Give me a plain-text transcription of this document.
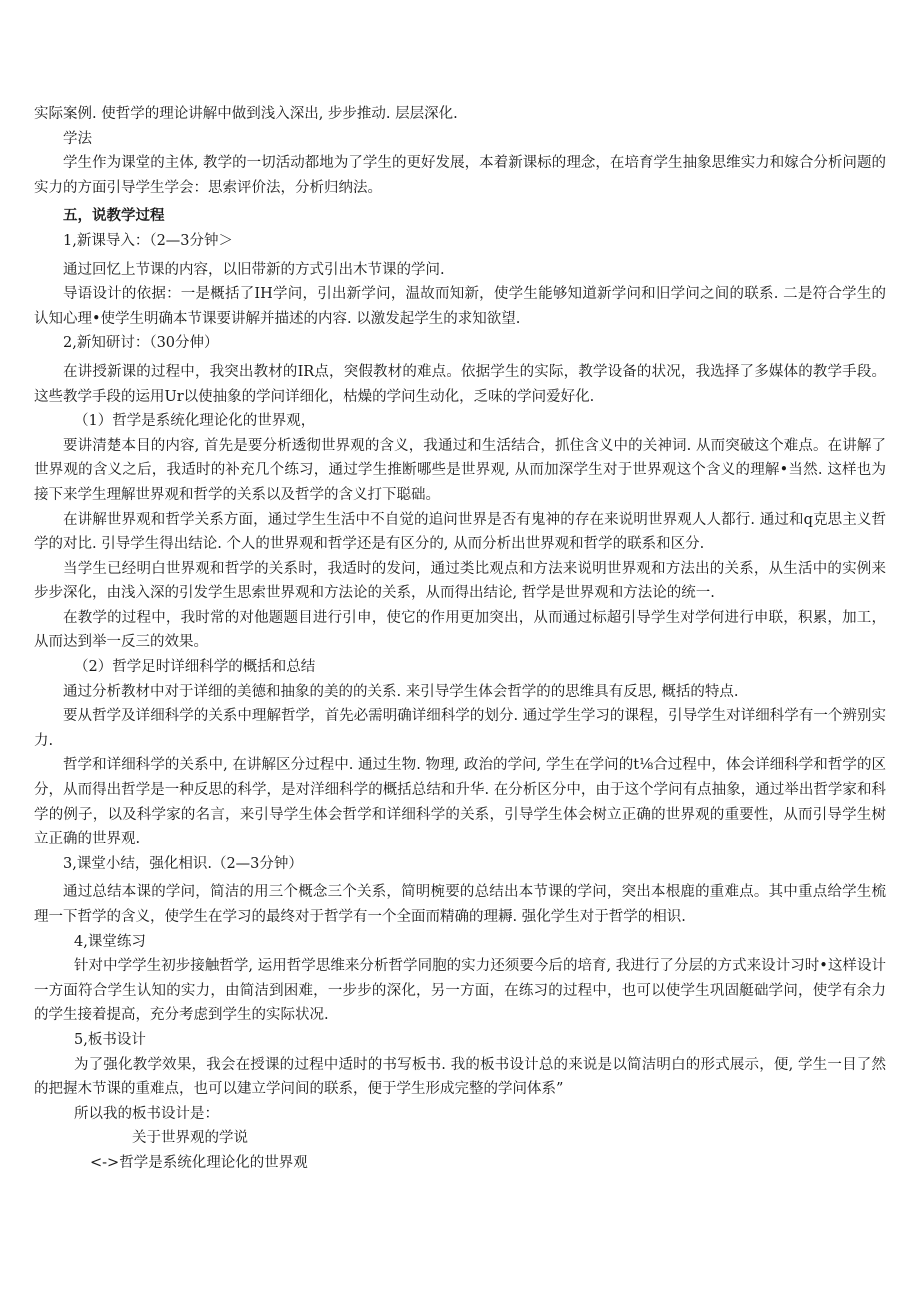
实际案例. 使哲学的理论讲解中做到浅入深出, 步步推动. 层层深化.

学法

学生作为课堂的主体, 教学的一切活动都地为了学生的更好发展，本着新课标的理念，在培育学生抽象思维实力和嫁合分析问题的实力的方面引导学生学会：思索评价法，分析归纳法。

五，说教学过程

1,新课导入：（2—3分钟＞

通过回忆上节课的内容，以旧带新的方式引出木节课的学问.

导语设计的依据：一是概括了IH学问，引出新学问，温故而知新，使学生能够知道新学问和旧学问之间的联系. 二是符合学生的认知心理•使学生明确本节课要讲解并描述的内容. 以激发起学生的求知欲望.

2,新知研讨：（30分伸）

在讲授新课的过程中，我突出教材的IR点，突假教材的难点。依据学生的实际，教学设备的状况，我选择了多媒体的教学手段。这些教学手段的运用Ur以使抽象的学问详细化，枯燥的学问生动化，乏味的学问爱好化.

（1）哲学是系统化理论化的世界观，

要讲清楚本目的内容, 首先是要分析透彻世界观的含义，我通过和生活结合，抓住含义中的关神词. 从而突破这个难点。在讲解了世界观的含义之后，我适时的补充几个练习，通过学生推断哪些是世界观, 从而加深学生对于世界观这个含义的理解•当然. 这样也为接下来学生理解世界观和哲学的关系以及哲学的含义打下聪础。

在讲解世界观和哲学关系方面，通过学生生活中不自觉的追问世界是否有鬼神的存在来说明世界观人人都行. 通过和q克思主义哲学的对比. 引导学生得出结论. 个人的世界观和哲学还是有区分的, 从而分析出世界观和哲学的联系和区分.

当学生已经明白世界观和哲学的关系时，我适时的发问，通过类比观点和方法来说明世界观和方法出的关系，从生活中的实例来步步深化，由浅入深的引发学生思索世界观和方法论的关系，从而得出结论, 哲学是世界观和方法论的统一.

在教学的过程中，我时常的对他题题目进行引申，使它的作用更加突出，从而通过标超引导学生对学何进行申联，积累，加工，从而达到举一反三的效果。

（2）哲学足时详细科学的概括和总结

通过分析教材中对于详细的美德和抽象的美的的关系. 来引导学生体会哲学的的思维具有反思, 概括的特点.

要从哲学及详细科学的关系中理解哲学，首先必需明确详细科学的划分. 通过学生学习的课程，引导学生对详细科学有一个辨别实力.

哲学和详细科学的关系中, 在讲解区分过程中. 通过生物. 物理, 政治的学问, 学生在学问的t⅛合过程中，体会详细科学和哲学的区分，从而得出哲学是一种反思的科学，是对洋细科学的概括总结和升华. 在分析区分中，由于这个学问有点抽象，通过举出哲学家和科学的例子，以及科学家的名言，来引导学生体会哲学和详细科学的关系，引导学生体会树立正确的世界观的重要性，从而引导学生树立正确的世界观.

3,课堂小结，强化相识.（2—3分钟）

通过总结本课的学问，简洁的用三个概念三个关系，简明椀要的总结出本节课的学问，突出本根鹿的重难点。其中重点给学生梳理一下哲学的含义，使学生在学习的最终对于哲学有一个全面而精确的理耨. 强化学生对于哲学的相识.

4,课堂练习

针对中学学生初步接触哲学, 运用哲学思维来分析哲学同胞的实力还须要今后的培育, 我进行了分层的方式来设计习时•这样设计一方面符合学生认知的实力，由简洁到困难，一步步的深化，另一方面，在练习的过程中，也可以使学生巩固艇础学问，使学有余力的学生接着提高，充分考虑到学生的实际状况.

5,板书设计

为了强化教学效果，我会在授课的过程中适时的书写板书. 我的板书设计总的来说是以简洁明白的形式展示，便, 学生一目了然的把握木节课的重难点，也可以建立学问间的联系，便于学生形成完整的学问体系”

所以我的板书设计是：

关于世界观的学说

<->哲学是系统化理论化的世界观
